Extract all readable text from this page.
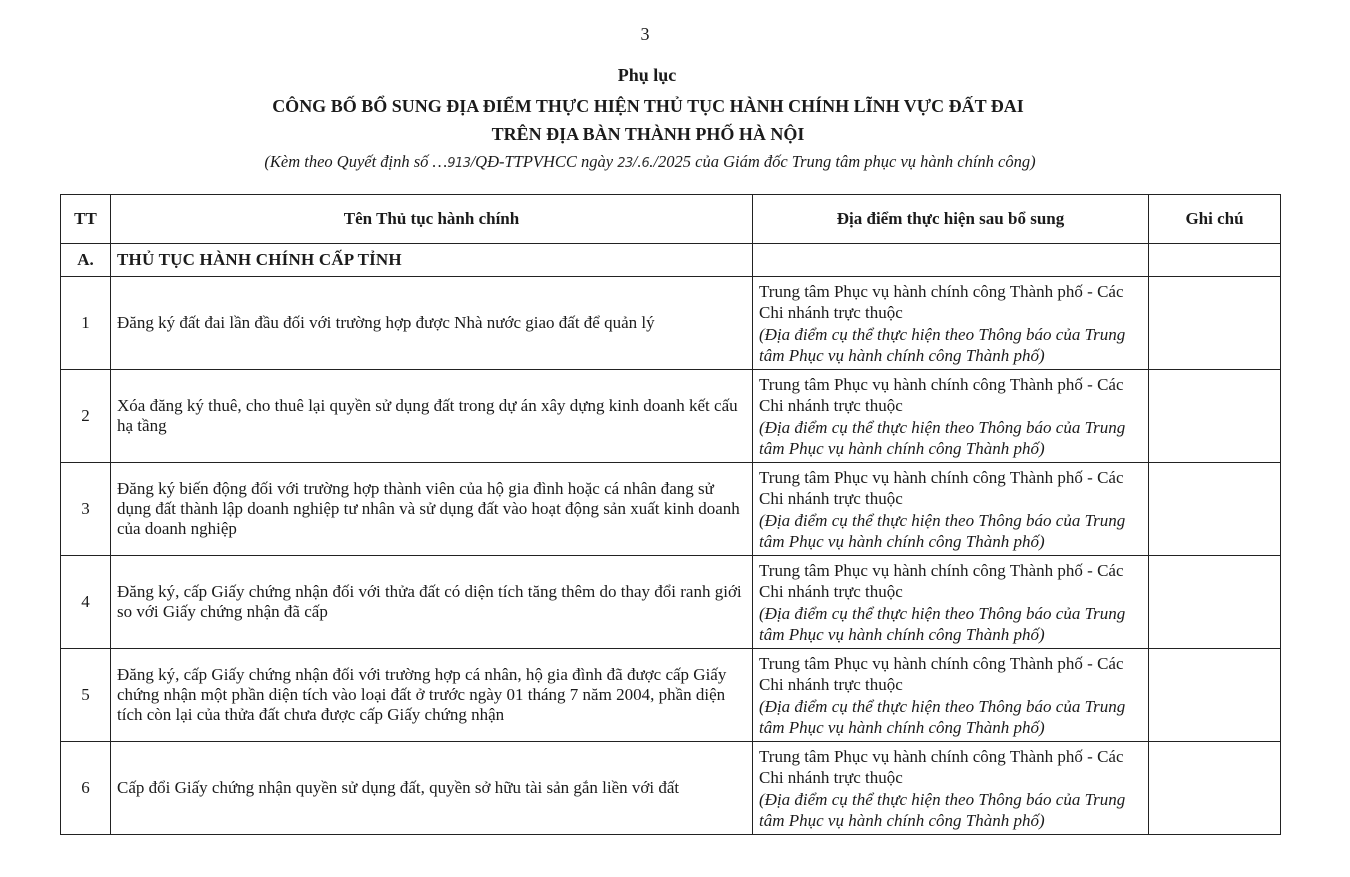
3
Phụ lục
CÔNG BỐ BỔ SUNG ĐỊA ĐIỂM THỰC HIỆN THỦ TỤC HÀNH CHÍNH LĨNH VỰC ĐẤT ĐAI
TRÊN ĐỊA BÀN THÀNH PHỐ HÀ NỘI
(Kèm theo Quyết định số …913/QĐ-TTPVHCC ngày 23/.6./2025 của Giám đốc Trung tâm phục vụ hành chính công)
TT	Tên Thủ tục hành chính	Địa điểm thực hiện sau bổ sung	Ghi chú
A.	THỦ TỤC HÀNH CHÍNH CẤP TỈNH		
1	Đăng ký đất đai lần đầu đối với trường hợp được Nhà nước giao đất để quản lý	Trung tâm Phục vụ hành chính công Thành phố - Các Chi nhánh trực thuộc
(Địa điểm cụ thể thực hiện theo Thông báo của Trung tâm Phục vụ hành chính công Thành phố)	
2	Xóa đăng ký thuê, cho thuê lại quyền sử dụng đất trong dự án xây dựng kinh doanh kết cấu hạ tầng	Trung tâm Phục vụ hành chính công Thành phố - Các Chi nhánh trực thuộc
(Địa điểm cụ thể thực hiện theo Thông báo của Trung tâm Phục vụ hành chính công Thành phố)	
3	Đăng ký biến động đối với trường hợp thành viên của hộ gia đình hoặc cá nhân đang sử dụng đất thành lập doanh nghiệp tư nhân và sử dụng đất vào hoạt động sản xuất kinh doanh của doanh nghiệp	Trung tâm Phục vụ hành chính công Thành phố - Các Chi nhánh trực thuộc
(Địa điểm cụ thể thực hiện theo Thông báo của Trung tâm Phục vụ hành chính công Thành phố)	
4	Đăng ký, cấp Giấy chứng nhận đối với thửa đất có diện tích tăng thêm do thay đổi ranh giới so với Giấy chứng nhận đã cấp	Trung tâm Phục vụ hành chính công Thành phố - Các Chi nhánh trực thuộc
(Địa điểm cụ thể thực hiện theo Thông báo của Trung tâm Phục vụ hành chính công Thành phố)	
5	Đăng ký, cấp Giấy chứng nhận đối với trường hợp cá nhân, hộ gia đình đã được cấp Giấy chứng nhận một phần diện tích vào loại đất ở trước ngày 01 tháng 7 năm 2004, phần diện tích còn lại của thửa đất chưa được cấp Giấy chứng nhận	Trung tâm Phục vụ hành chính công Thành phố - Các Chi nhánh trực thuộc
(Địa điểm cụ thể thực hiện theo Thông báo của Trung tâm Phục vụ hành chính công Thành phố)	
6	Cấp đổi Giấy chứng nhận quyền sử dụng đất, quyền sở hữu tài sản gắn liền với đất	Trung tâm Phục vụ hành chính công Thành phố - Các Chi nhánh trực thuộc
(Địa điểm cụ thể thực hiện theo Thông báo của Trung tâm Phục vụ hành chính công Thành phố)	
